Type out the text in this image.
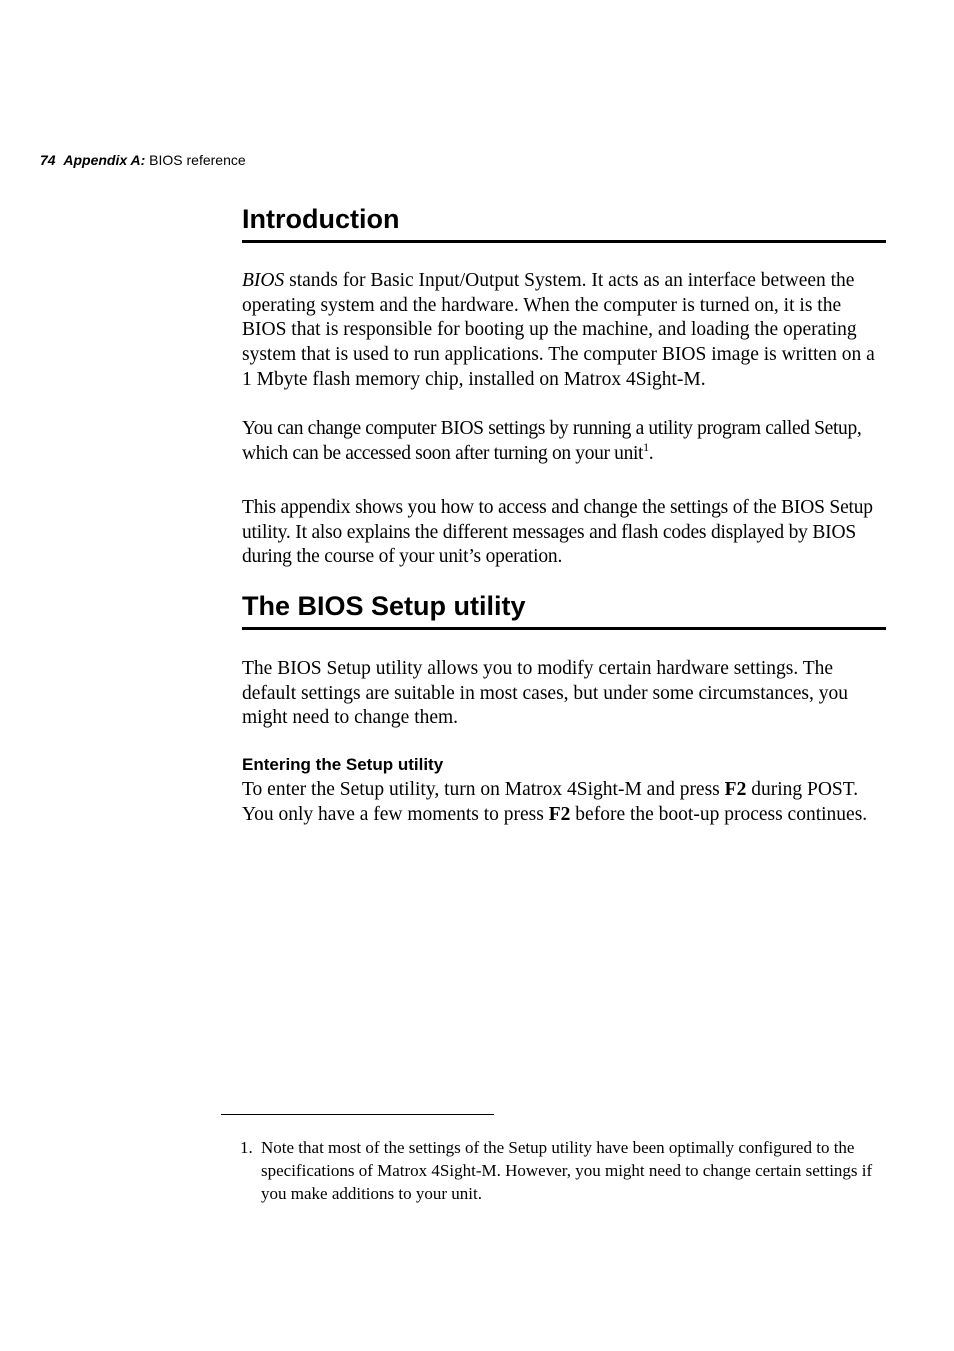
74 Appendix A: BIOS reference
Introduction

BIOS stands for Basic Input/Output System. It acts as an interface between the operating system and the hardware. When the computer is turned on, it is the BIOS that is responsible for booting up the machine, and loading the operating system that is used to run applications. The computer BIOS image is written on a 1 Mbyte flash memory chip, installed on Matrox 4Sight-M.

You can change computer BIOS settings by running a utility program called Setup, which can be accessed soon after turning on your unit$^1$.

This appendix shows you how to access and change the settings of the BIOS Setup utility. It also explains the different messages and flash codes displayed by BIOS during the course of your unit’s operation.

The BIOS Setup utility

The BIOS Setup utility allows you to modify certain hardware settings. The default settings are suitable in most cases, but under some circumstances, you might need to change them.

Entering the Setup utility

To enter the Setup utility, turn on Matrox 4Sight-M and press F2 during POST. You only have a few moments to press F2 before the boot-up process continues.

1. Note that most of the settings of the Setup utility have been optimally configured to the specifications of Matrox 4Sight-M. However, you might need to change certain settings if you make additions to your unit.
